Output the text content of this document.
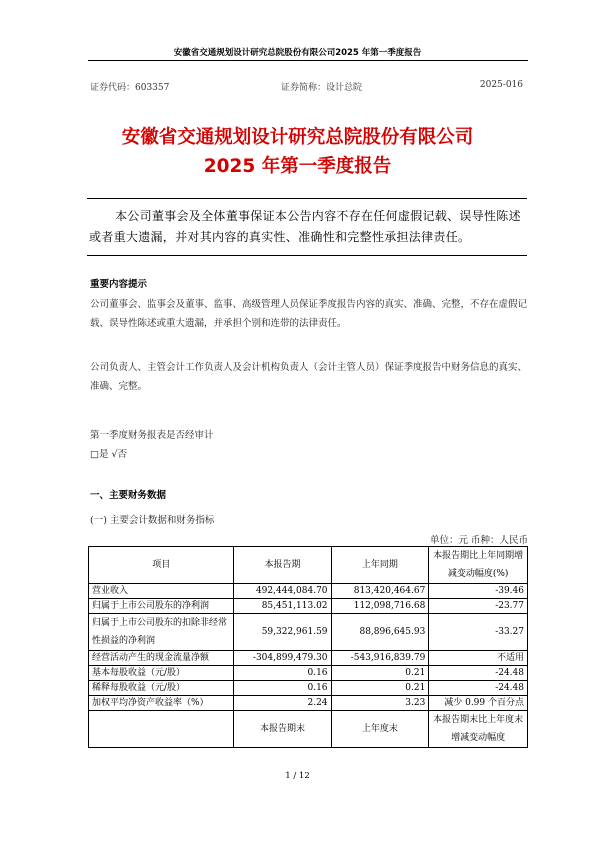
安徽省交通规划设计研究总院股份有限公司2025 年第一季度报告
证券代码：603357	证券简称：设计总院	2025-016
安徽省交通规划设计研究总院股份有限公司
2025 年第一季度报告
本公司董事会及全体董事保证本公告内容不存在任何虚假记载、误导性陈述或者重大遗漏，并对其内容的真实性、准确性和完整性承担法律责任。
重要内容提示
公司董事会、监事会及董事、监事、高级管理人员保证季度报告内容的真实、准确、完整，不存在虚假记载、误导性陈述或重大遗漏，并承担个别和连带的法律责任。
公司负责人、主管会计工作负责人及会计机构负责人（会计主管人员）保证季度报告中财务信息的真实、准确、完整。
第一季度财务报表是否经审计
□是 √否
一、主要财务数据
(一) 主要会计数据和财务指标
单位：元 币种：人民币
项目	本报告期	上年同期	本报告期比上年同期增减变动幅度(%)
营业收入	492,444,084.70	813,420,464.67	-39.46
归属于上市公司股东的净利润	85,451,113.02	112,098,716.68	-23.77
归属于上市公司股东的扣除非经常性损益的净利润	59,322,961.59	88,896,645.93	-33.27
经营活动产生的现金流量净额	-304,899,479.30	-543,916,839.79	不适用
基本每股收益（元/股）	0.16	0.21	-24.48
稀释每股收益（元/股）	0.16	0.21	-24.48
加权平均净资产收益率（%）	2.24	3.23	减少 0.99 个百分点
	本报告期末	上年度末	本报告期末比上年度末增减变动幅度
1 / 12
